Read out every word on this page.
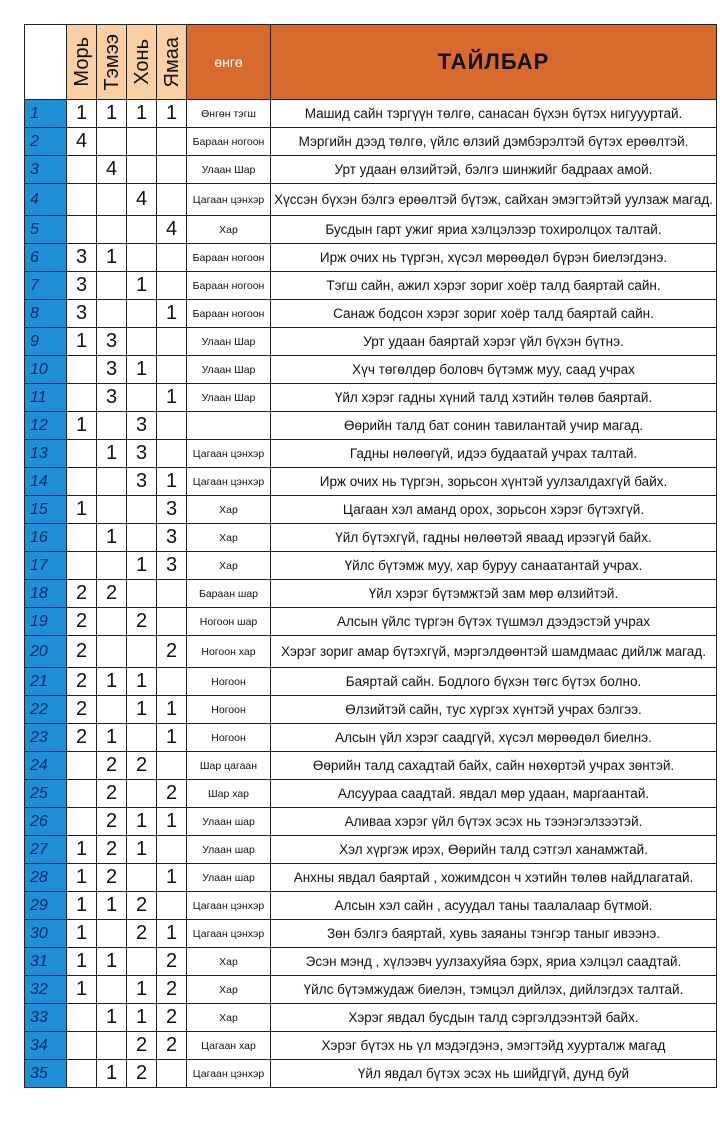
	Морь	Тэмээ	Хонь	Ямаа	өнгө	ТАЙЛБАР
1	1	1	1	1	Өнгөн тэгш	Машид сайн тэргүүн төлгө, санасан бүхэн бүтэх нигуууртай.
2	4				Бараан ногоон	Мэргийн дээд төлгө, үйлс өлзий дэмбэрэлтэй бүтэх ерөөлтэй.
3		4			Улаан Шар	Урт удаан өлзийтэй, бэлгэ шинжийг бадраах амой.
4			4		Цагаан цэнхэр	Хүссэн бүхэн бэлгэ ерөөлтэй бүтэж, сайхан эмэгтэйтэй уулзаж магад.
5				4	Хар	Бусдын гарт ужиг яриа хэлцэлээр тохиролцох талтай.
6	3	1			Бараан ногоон	Ирж очих нь түргэн, хүсэл мөрөөдөл бүрэн биелэгдэнэ.
7	3		1		Бараан ногоон	Тэгш сайн, ажил хэрэг зориг хоёр талд баяртай сайн.
8	3			1	Бараан ногоон	Санаж бодсон хэрэг зориг хоёр талд баяртай сайн.
9	1	3			Улаан Шар	Урт удаан баяртай хэрэг үйл бүхэн бүтнэ.
10		3	1		Улаан Шар	Хүч төгөлдөр боловч бүтэмж муу, саад учрах
11		3		1	Улаан Шар	Үйл хэрэг гадны хүний талд хэтийн төлөв баяртай.
12	1		3			Өөрийн талд бат сонин тавилантай учир магад.
13		1	3		Цагаан цэнхэр	Гадны нөлөөгүй, идээ будаатай учрах талтай.
14			3	1	Цагаан цэнхэр	Ирж очих нь түргэн, зорьсон хүнтэй уулзалдахгүй байх.
15	1			3	Хар	Цагаан хэл аманд орох, зорьсон хэрэг бүтэхгүй.
16		1		3	Хар	Үйл бүтэхгүй, гадны нөлөөтэй яваад ирээгүй байх.
17			1	3	Хар	Үйлс бүтэмж муу, хар буруу санаатантай учрах.
18	2	2			Бараан шар	Үйл хэрэг бүтэмжтэй зам мөр өлзийтэй.
19	2		2		Ногоон шар	Алсын үйлс түргэн бүтэх түшмэл дээдэстэй учрах
20	2			2	Ногоон хар	Хэрэг зориг амар бүтэхгүй, мэргэлдөөнтэй шамдмаас дийлж магад.
21	2	1	1		Ногоон	Баяртай сайн. Бодлого бүхэн төгс бүтэх болно.
22	2		1	1	Ногоон	Өлзийтэй сайн, тус хүргэх хүнтэй учрах бэлгээ.
23	2	1		1	Ногоон	Алсын үйл хэрэг саадгүй, хүсэл мөрөөдөл биелнэ.
24		2	2		Шар цагаан	Өөрийн талд сахадтай байх, сайн нөхөртэй учрах зөнтэй.
25		2		2	Шар хар	Алсуураа саадтай. явдал мөр удаан, маргаантай.
26		2	1	1	Улаан шар	Аливаа хэрэг үйл бүтэх эсэх нь тээнэгэлзээтэй.
27	1	2	1		Улаан шар	Хэл хүргэж ирэх, Өөрийн талд сэтгэл ханамжтай.
28	1	2		1	Улаан шар	Анхны явдал баяртай , хожимдсон ч хэтийн төлөв найдлагатай.
29	1	1	2		Цагаан цэнхэр	Алсын хэл сайн , асуудал таны таалалаар бүтмой.
30	1		2	1	Цагаан цэнхэр	Зөн бэлгэ баяртай, хувь заяаны тэнгэр таныг ивээнэ.
31	1	1		2	Хар	Эсэн мэнд , хүлээвч уулзахуйяа бэрх, яриа хэлцэл саадтай.
32	1		1	2	Хар	Үйлс бүтэмжудаж биелэн, тэмцэл дийлэх, дийлэгдэх талтай.
33		1	1	2	Хар	Хэрэг явдал бусдын талд сэргэлдээнтэй байх.
34			2	2	Цагаан хар	Хэрэг бүтэх нь үл мэдэгдэнэ, эмэгтэйд хуурталж магад
35		1	2		Цагаан цэнхэр	Үйл явдал бүтэх эсэх нь шийдгүй, дунд буй
